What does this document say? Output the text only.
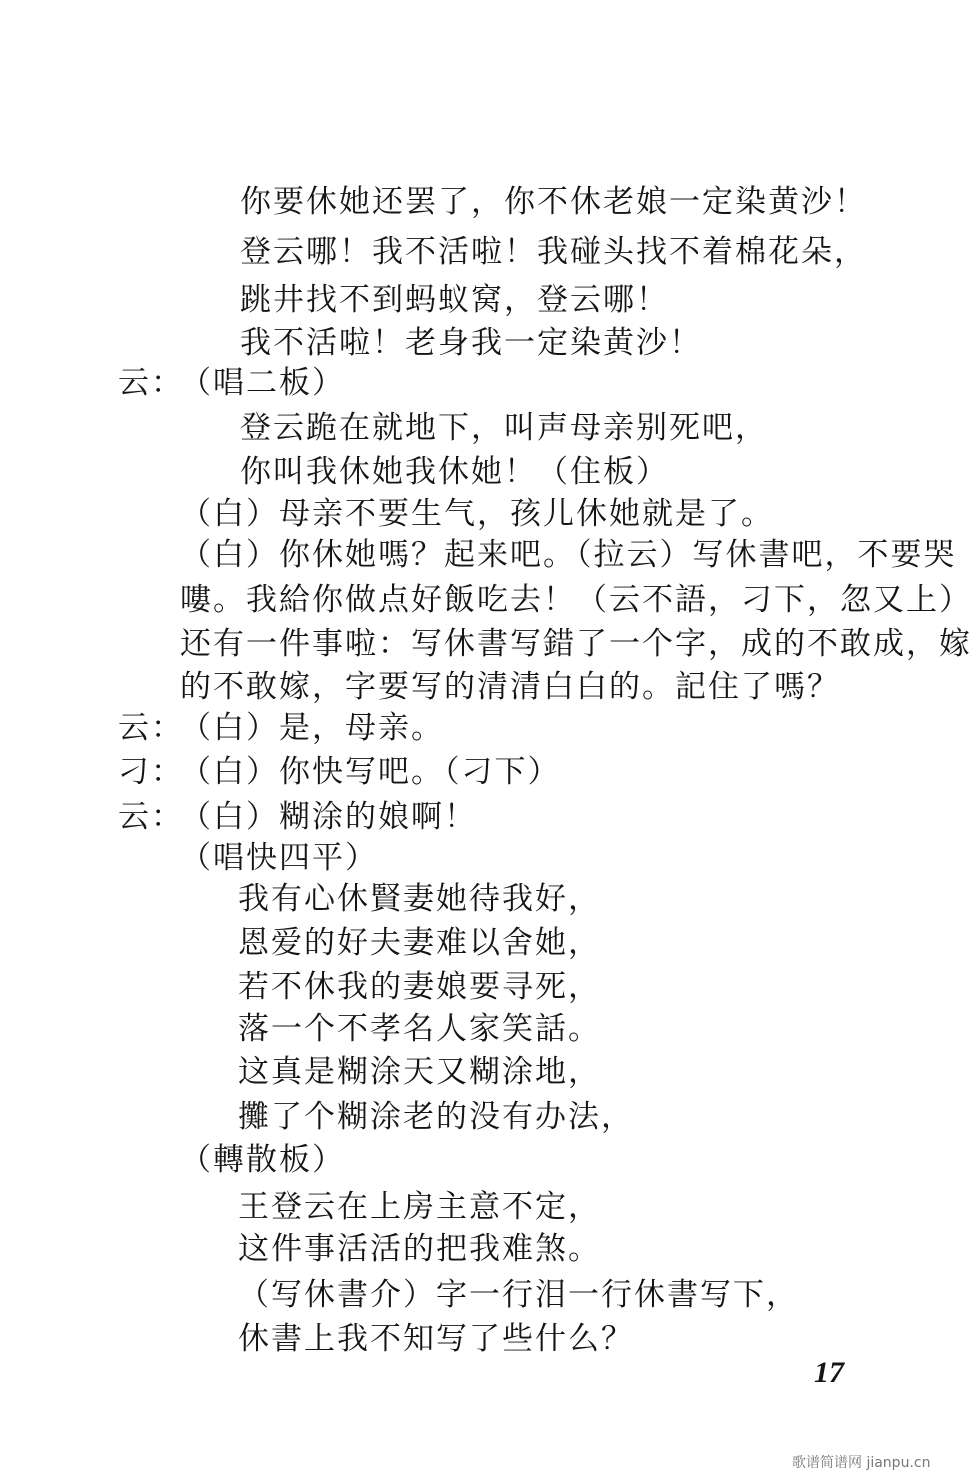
你要休她还罢了，你不休老娘一定染黄沙！
登云哪！我不活啦！我碰头找不着棉花朵，
跳井找不到蚂蚁窝，登云哪！
我不活啦！老身我一定染黄沙！
云：（唱二板）
登云跪在就地下，叫声母亲别死吧，
你叫我休她我休她！（住板）
（白）母亲不要生气，孩儿休她就是了。
（白）你休她嗎？起来吧。（拉云）写休書吧，不要哭
嘍。我給你做点好飯吃去！（云不語，刁下，忽又上）
还有一件事啦：写休書写錯了一个字，成的不敢成，嫁
的不敢嫁，字要写的清清白白的。記住了嗎？
云：（白）是，母亲。
刁：（白）你快写吧。（刁下）
云：（白）糊涂的娘啊！
（唱快四平）
我有心休賢妻她待我好，
恩爱的好夫妻难以舍她，
若不休我的妻娘要寻死，
落一个不孝名人家笑話。
这真是糊涂天又糊涂地，
攤了个糊涂老的没有办法，
（轉散板）
王登云在上房主意不定，
这件事活活的把我难煞。
（写休書介）字一行泪一行休書写下，
休書上我不知写了些什么？
17
歌谱简谱网 jianpu.cn
